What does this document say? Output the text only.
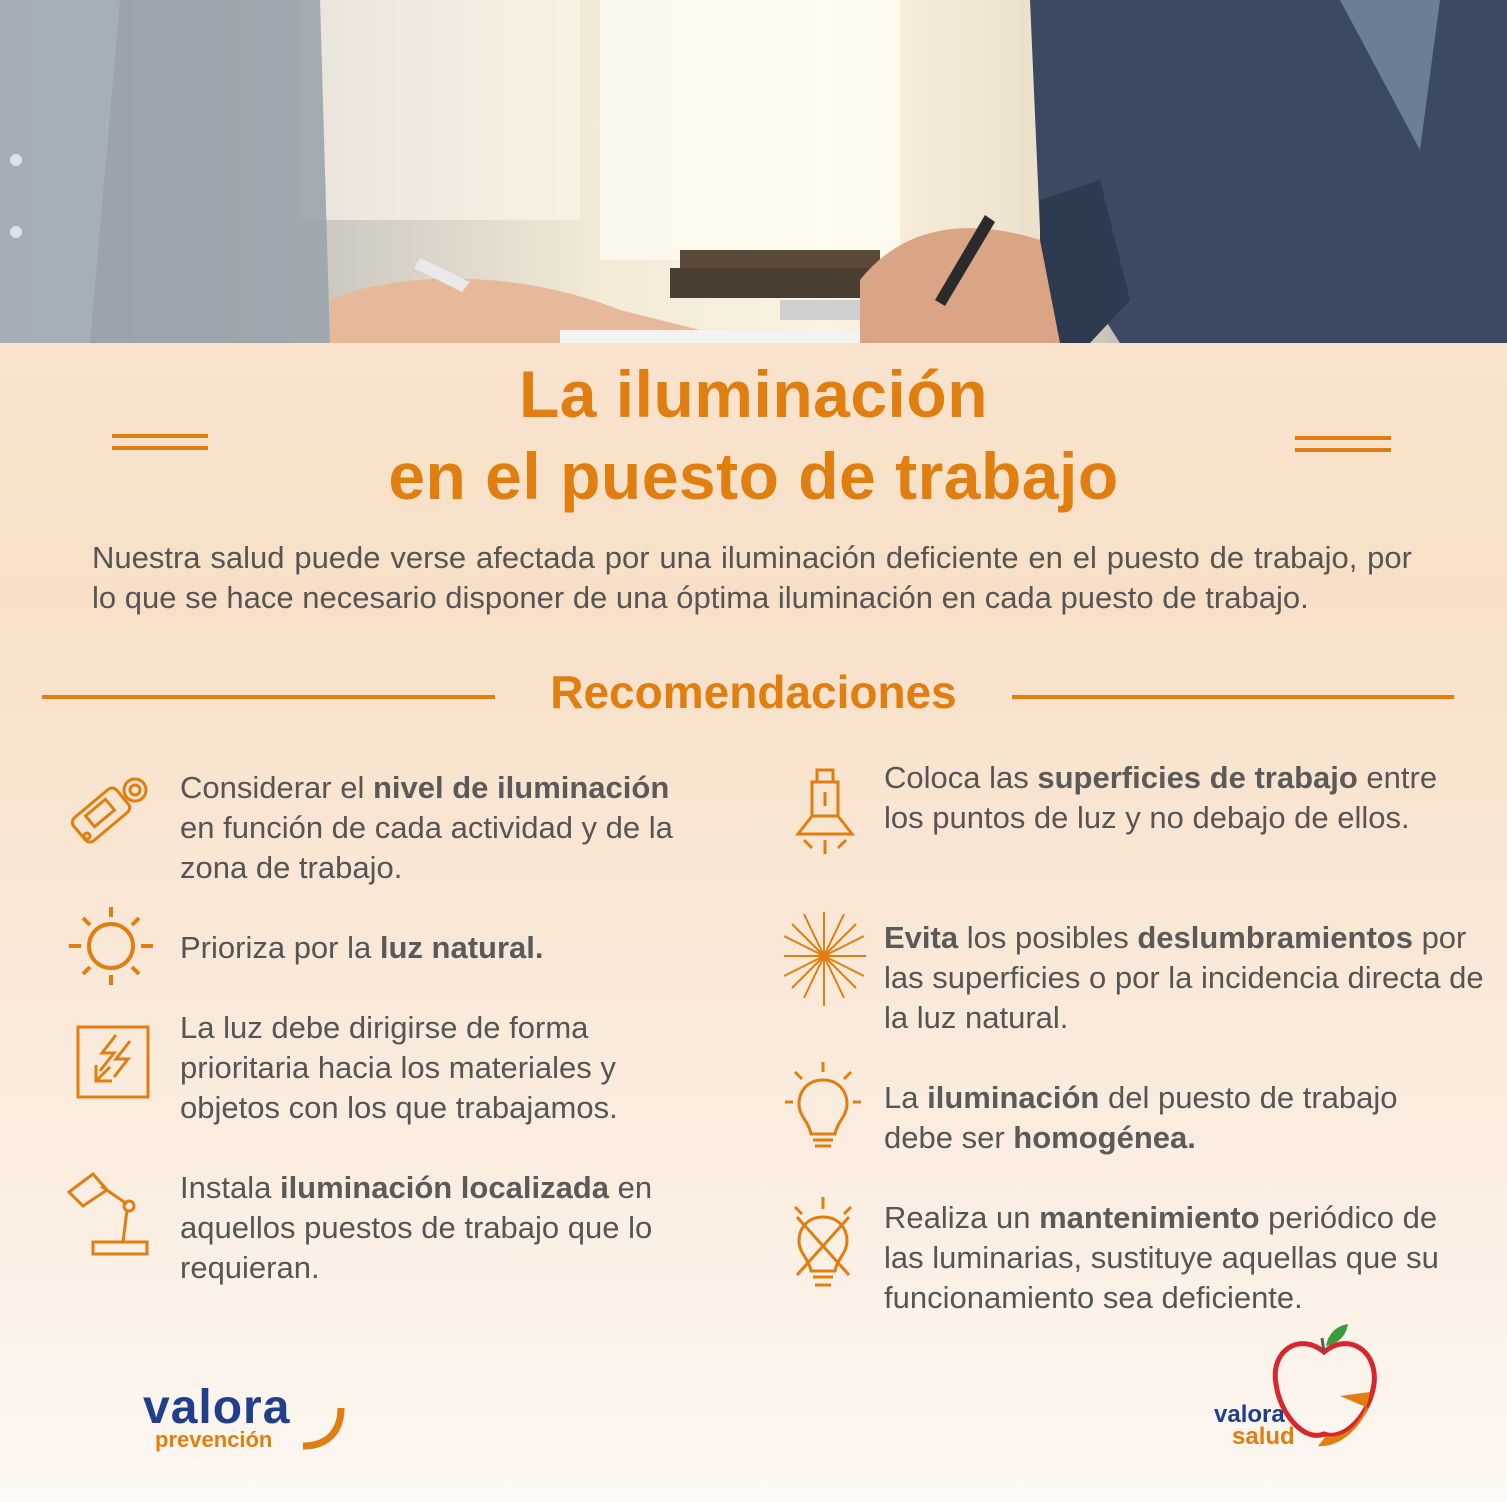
La iluminación
en el puesto de trabajo
Nuestra salud puede verse afectada por una iluminación deficiente en el puesto de trabajo, por lo que se hace necesario disponer de una óptima iluminación en cada puesto de trabajo.
Recomendaciones
Considerar el nivel de iluminación en función de cada actividad y de la zona de trabajo.
Prioriza por la luz natural.
La luz debe dirigirse de forma prioritaria hacia los materiales y objetos con los que trabajamos.
Instala iluminación localizada en aquellos puestos de trabajo que lo requieran.
Coloca las superficies de trabajo entre los puntos de luz y no debajo de ellos.
Evita los posibles deslumbramientos por las superficies o por la incidencia directa de la luz natural.
La iluminación del puesto de trabajo debe ser homogénea.
Realiza un mantenimiento periódico de las luminarias, sustituye aquellas que su funcionamiento sea deficiente.
valora
prevención
valora
salud
